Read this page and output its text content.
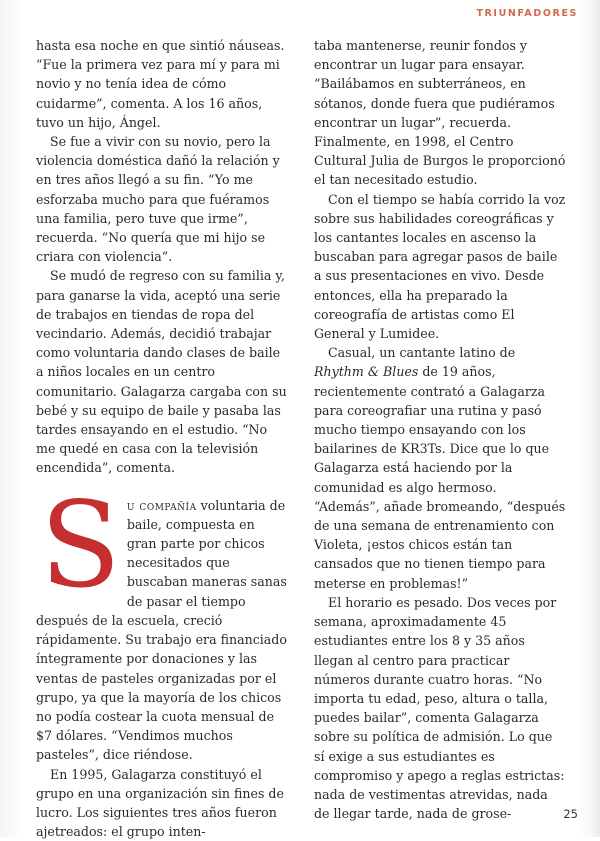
TRIUNFADORES

hasta esa noche en que sintió náuseas. “Fue la primera vez para mí y para mi novio y no tenía idea de cómo cuidarme”, comenta. A los 16 años, tuvo un hijo, Ángel.

Se fue a vivir con su novio, pero la violencia doméstica dañó la relación y en tres años llegó a su fin. “Yo me esforzaba mucho para que fuéramos una familia, pero tuve que irme”, recuerda. “No quería que mi hijo se criara con violencia”.

Se mudó de regreso con su familia y, para ganarse la vida, aceptó una serie de trabajos en tiendas de ropa del vecindario. Además, decidió trabajar como voluntaria dando clases de baile a niños locales en un centro comunitario. Galagarza cargaba con su bebé y su equipo de baile y pasaba las tardes ensayando en el estudio. “No me quedé en casa con la televisión encendida”, comenta.

S u compañía voluntaria de baile, compuesta en gran parte por chicos necesitados que buscaban maneras sanas de pasar el tiempo después de la escuela, creció rápidamente. Su trabajo era financiado íntegramente por donaciones y las ventas de pasteles organizadas por el grupo, ya que la mayoría de los chicos no podía costear la cuota mensual de $7 dólares. “Vendimos muchos pasteles”, dice riéndose.

En 1995, Galagarza constituyó el grupo en una organización sin fines de lucro. Los siguientes tres años fueron ajetreados: el grupo inten-

taba mantenerse, reunir fondos y encontrar un lugar para ensayar. “Bailábamos en subterráneos, en sótanos, donde fuera que pudiéramos encontrar un lugar”, recuerda. Finalmente, en 1998, el Centro Cultural Julia de Burgos le proporcionó el tan necesitado estudio.

Con el tiempo se había corrido la voz sobre sus habilidades coreográficas y los cantantes locales en ascenso la buscaban para agregar pasos de baile a sus presentaciones en vivo. Desde entonces, ella ha preparado la coreografía de artistas como El General y Lumidee.

Casual, un cantante latino de Rhythm & Blues de 19 años, recientemente contrató a Galagarza para coreografiar una rutina y pasó mucho tiempo ensayando con los bailarines de KR3Ts. Dice que lo que Galagarza está haciendo por la comunidad es algo hermoso. “Además”, añade bromeando, “después de una semana de entrenamiento con Violeta, ¡estos chicos están tan cansados que no tienen tiempo para meterse en problemas!”

El horario es pesado. Dos veces por semana, aproximadamente 45 estudiantes entre los 8 y 35 años llegan al centro para practicar números durante cuatro horas. “No importa tu edad, peso, altura o talla, puedes bailar”, comenta Galagarza sobre su política de admisión. Lo que sí exige a sus estudiantes es compromiso y apego a reglas estrictas: nada de vestimentas atrevidas, nada de llegar tarde, nada de grose-	25
